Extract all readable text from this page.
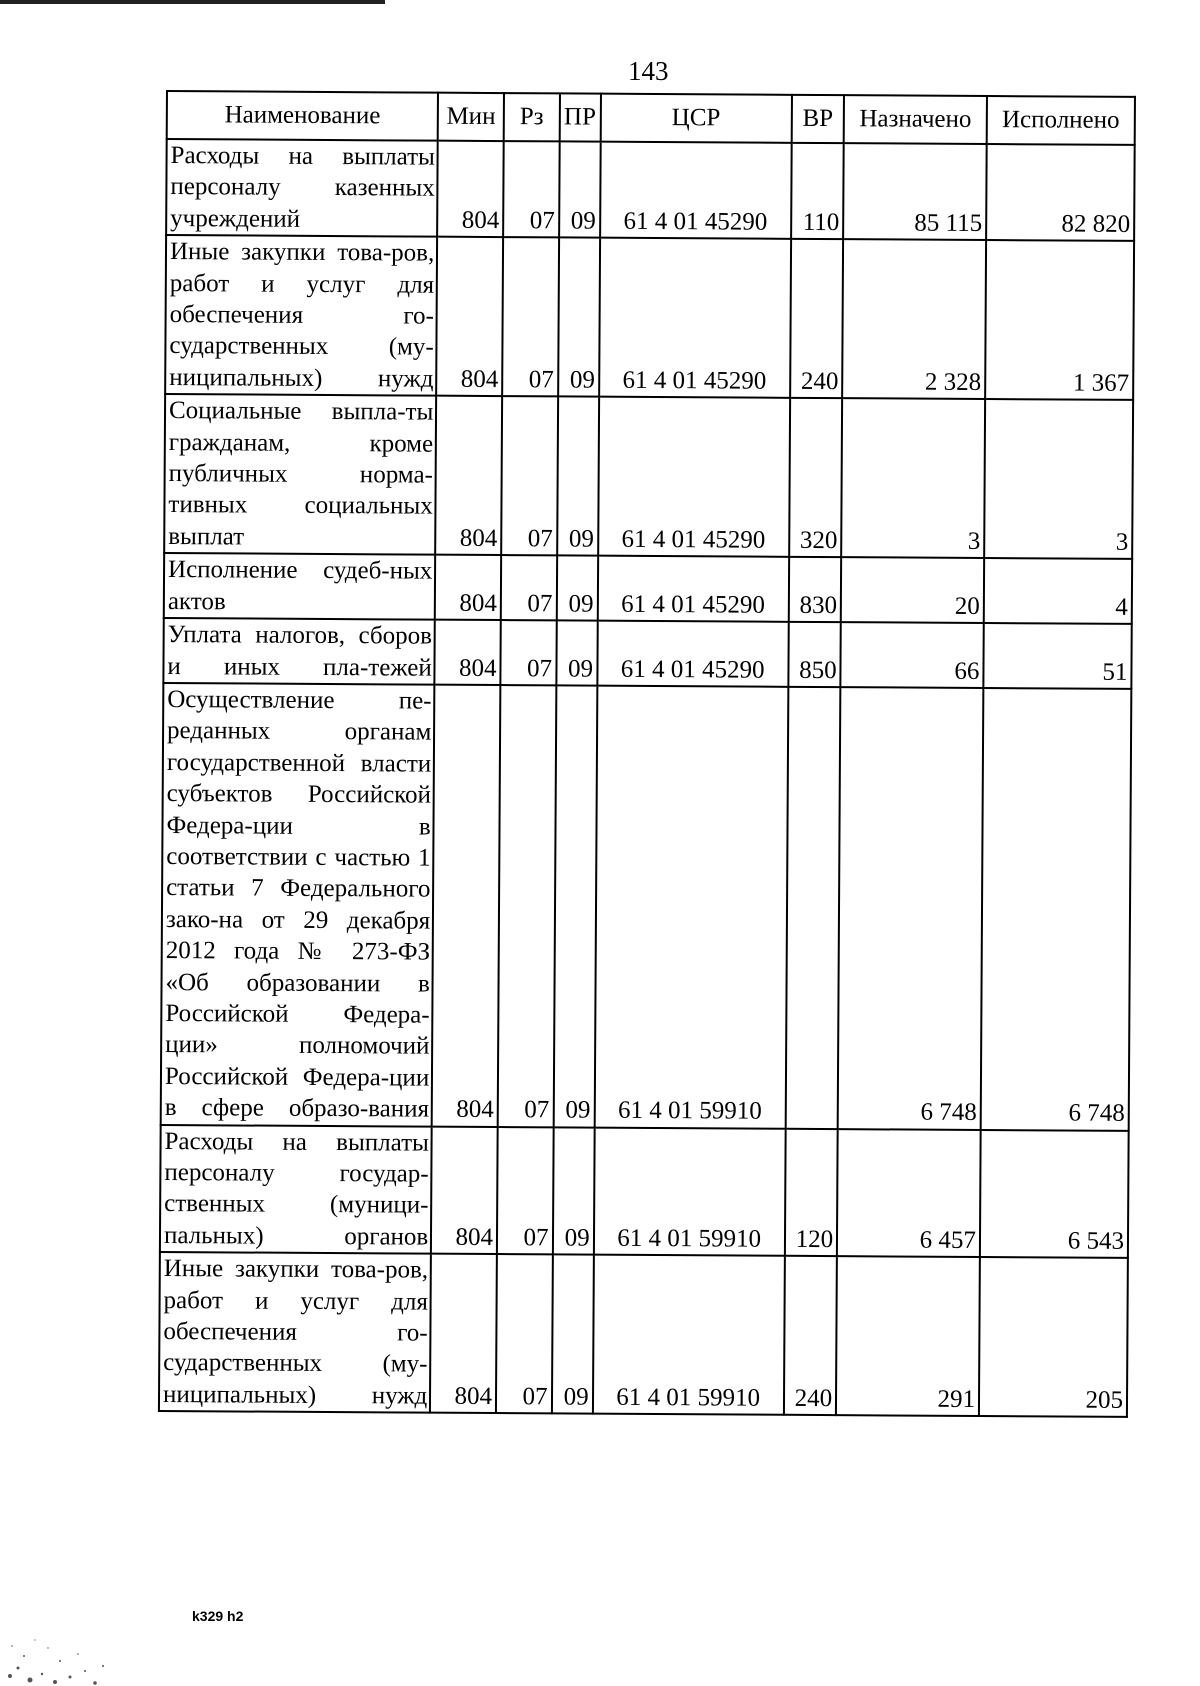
143
Наименование	Мин	Рз	ПР	ЦСР	ВР	Назначено	Исполнено
Расходы на выплаты персоналу казенных учреждений	804	07	09	61 4 01 45290	110	85 115	82 820
Иные закупки това-ров, работ и услуг для обеспечения го-сударственных (му-ниципальных) нужд	804	07	09	61 4 01 45290	240	2 328	1 367
Социальные выпла-ты гражданам, кроме публичных норма-тивных социальных выплат	804	07	09	61 4 01 45290	320	3	3
Исполнение судеб-ных актов	804	07	09	61 4 01 45290	830	20	4
Уплата налогов, сборов и иных пла-тежей	804	07	09	61 4 01 45290	850	66	51
Осуществление пе-реданных органам государственной власти субъектов Российской Федера-ции в соответствии с частью 1 статьи 7 Федерального зако-на от 29 декабря 2012 года № 273-ФЗ «Об образовании в Российской Федера-ции» полномочий Российской Федера-ции в сфере образо-вания	804	07	09	61 4 01 59910		6 748	6 748
Расходы на выплаты персоналу государ-ственных (муници-пальных) органов	804	07	09	61 4 01 59910	120	6 457	6 543
Иные закупки това-ров, работ и услуг для обеспечения го-сударственных (му-ниципальных) нужд	804	07	09	61 4 01 59910	240	291	205
k329 h2
